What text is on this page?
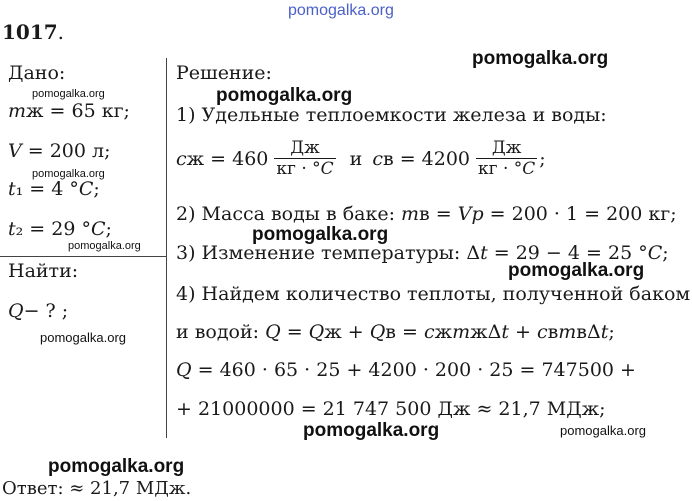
pomogalka.org
1017.
Дано:
pomogalka.org
𝑚ж = 65 кг;
𝑉 = 200 л;
pomogalka.org
𝑡₁ = 4 °𝐶;
𝑡₂ = 29 °𝐶;
pomogalka.org
Найти:
𝑄− ? ;
pomogalka.org
pomogalka.org
Решение:
pomogalka.org
1) Удельные теплоемкости железа и воды:
𝑐ж = $460 \frac{Дж}{\text{кг · °𝐶}}$ и 𝑐в = $4200 \frac{Дж}{\text{кг · °𝐶}}$ ;
2) Масса воды в баке: 𝑚в = 𝑉𝑝 = 200 · 1 = 200 кг;
pomogalka.org
3) Изменение температуры: Δ𝑡 = 29 − 4 = 25 °𝐶;
pomogalka.org
4) Найдем количество теплоты, полученной баком
и водой: 𝑄 = 𝑄ж + 𝑄в = 𝑐ж𝑚жΔ𝑡 + 𝑐в𝑚вΔ𝑡;
𝑄 = 460 · 65 · 25 + 4200 · 200 · 25 = 747500 +
+ 21000000 = 21 747 500 Дж ≈ 21,7 МДж;
pomogalka.org	pomogalka.org
pomogalka.org
Ответ: ≈ 21,7 МДж.
